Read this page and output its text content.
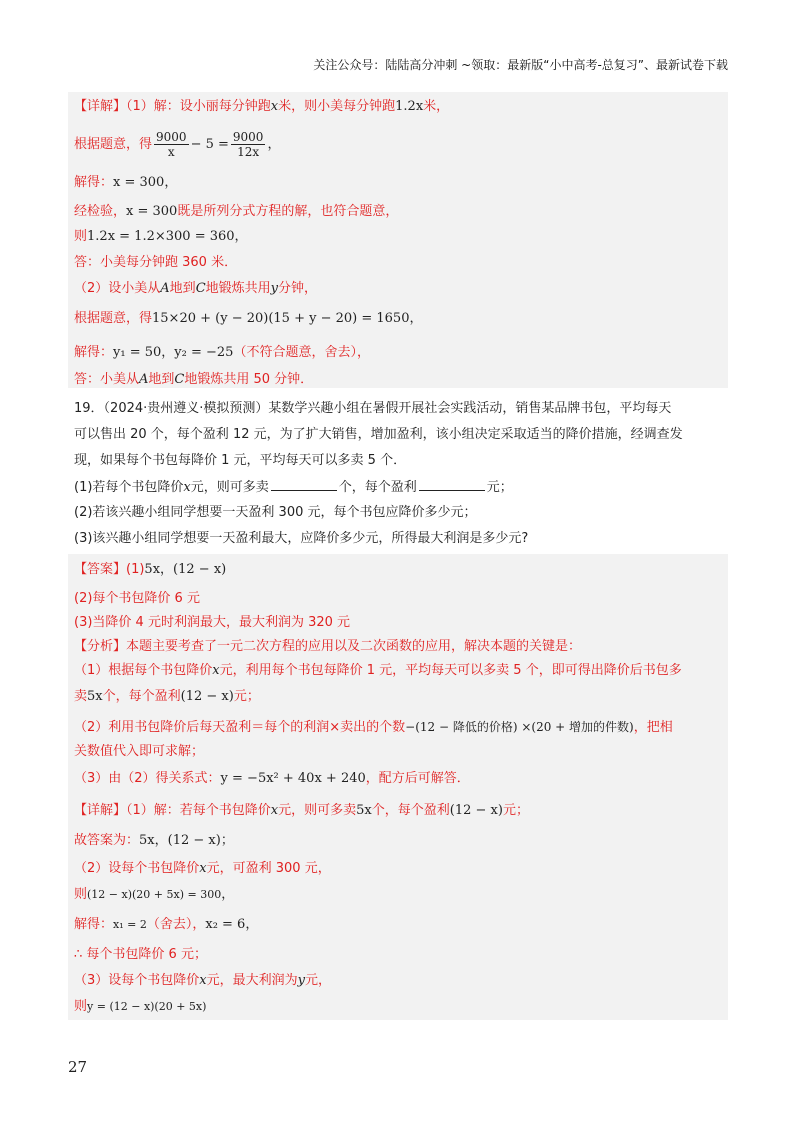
关注公众号：陆陆高分冲刺 ~领取：最新版“小中高考-总复习”、最新试卷下载
【详解】（1）解：设小丽每分钟跑x米，则小美每分钟跑1.2x米，
根据题意，得 $\frac{9000}{x} - 5 = \frac{9000}{12x}$ ，
解得：x = 300，
经检验，x = 300既是所列分式方程的解，也符合题意，
则1.2x = 1.2×300 = 360，
答：小美每分钟跑 360 米．
（2）设小美从A地到C地锻炼共用y分钟，
根据题意，得15×20 + (y − 20)(15 + y − 20) = 1650，
解得：y₁ = 50，y₂ = −25（不符合题意，舍去），
答：小美从A地到C地锻炼共用 50 分钟．
19．（2024·贵州遵义·模拟预测）某数学兴趣小组在暑假开展社会实践活动，销售某品牌书包，平均每天
可以售出 20 个，每个盈利 12 元，为了扩大销售，增加盈利，该小组决定采取适当的降价措施，经调查发
现，如果每个书包每降价 1 元，平均每天可以多卖 5 个．
(1)若每个书包降价x元，则可多卖	个，每个盈利	元；
(2)若该兴趣小组同学想要一天盈利 300 元，每个书包应降价多少元；
(3)该兴趣小组同学想要一天盈利最大，应降价多少元，所得最大利润是多少元?
【答案】(1)5x，(12 − x)
(2)每个书包降价 6 元
(3)当降价 4 元时利润最大，最大利润为 320 元
【分析】本题主要考查了一元二次方程的应用以及二次函数的应用，解决本题的关键是：
（1）根据每个书包降价x元，利用每个书包每降价 1 元，平均每天可以多卖 5 个，即可得出降价后书包多
卖5x个，每个盈利(12 − x)元；
（2）利用书包降价后每天盈利＝每个的利润×卖出的个数−(12 − 降低的价格) ×(20 + 增加的件数)，把相
关数值代入即可求解；
（3）由（2）得关系式：y = −5x² + 40x + 240，配方后可解答．
【详解】（1）解：若每个书包降价x元，则可多卖5x个，每个盈利(12 − x)元；
故答案为：5x，(12 − x)；
（2）设每个书包降价x元，可盈利 300 元，
则(12 − x)(20 + 5x) = 300，
解得：x₁ = 2（舍去），x₂ = 6，
∴ 每个书包降价 6 元；
（3）设每个书包降价x元，最大利润为y元，
则y = (12 − x)(20 + 5x)
27
